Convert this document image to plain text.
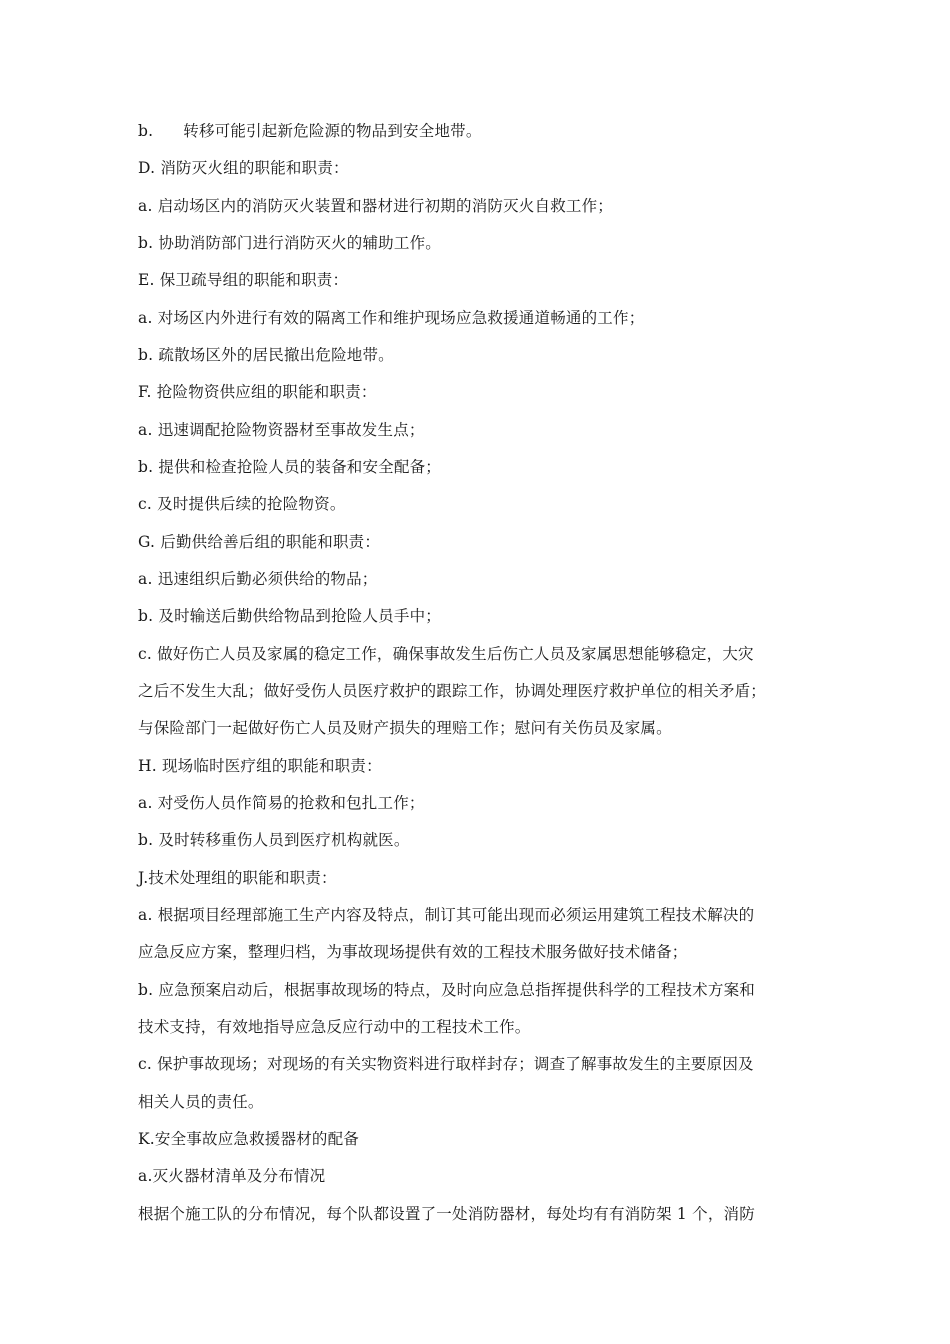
b. 转移可能引起新危险源的物品到安全地带。
D. 消防灭火组的职能和职责：
a. 启动场区内的消防灭火装置和器材进行初期的消防灭火自救工作；
b. 协助消防部门进行消防灭火的辅助工作。
E. 保卫疏导组的职能和职责：
a. 对场区内外进行有效的隔离工作和维护现场应急救援通道畅通的工作；
b. 疏散场区外的居民撤出危险地带。
F. 抢险物资供应组的职能和职责：
a. 迅速调配抢险物资器材至事故发生点；
b. 提供和检查抢险人员的装备和安全配备；
c. 及时提供后续的抢险物资。
G. 后勤供给善后组的职能和职责：
a. 迅速组织后勤必须供给的物品；
b. 及时输送后勤供给物品到抢险人员手中；
c. 做好伤亡人员及家属的稳定工作，确保事故发生后伤亡人员及家属思想能够稳定，大灾
之后不发生大乱；做好受伤人员医疗救护的跟踪工作，协调处理医疗救护单位的相关矛盾；
与保险部门一起做好伤亡人员及财产损失的理赔工作；慰问有关伤员及家属。
H. 现场临时医疗组的职能和职责：
a. 对受伤人员作简易的抢救和包扎工作；
b. 及时转移重伤人员到医疗机构就医。
J.技术处理组的职能和职责：
a. 根据项目经理部施工生产内容及特点，制订其可能出现而必须运用建筑工程技术解决的
应急反应方案，整理归档，为事故现场提供有效的工程技术服务做好技术储备；
b. 应急预案启动后，根据事故现场的特点，及时向应急总指挥提供科学的工程技术方案和
技术支持，有效地指导应急反应行动中的工程技术工作。
c. 保护事故现场；对现场的有关实物资料进行取样封存；调查了解事故发生的主要原因及
相关人员的责任。
K.安全事故应急救援器材的配备
a.灭火器材清单及分布情况
根据个施工队的分布情况，每个队都设置了一处消防器材，每处均有有消防架 1 个，消防
